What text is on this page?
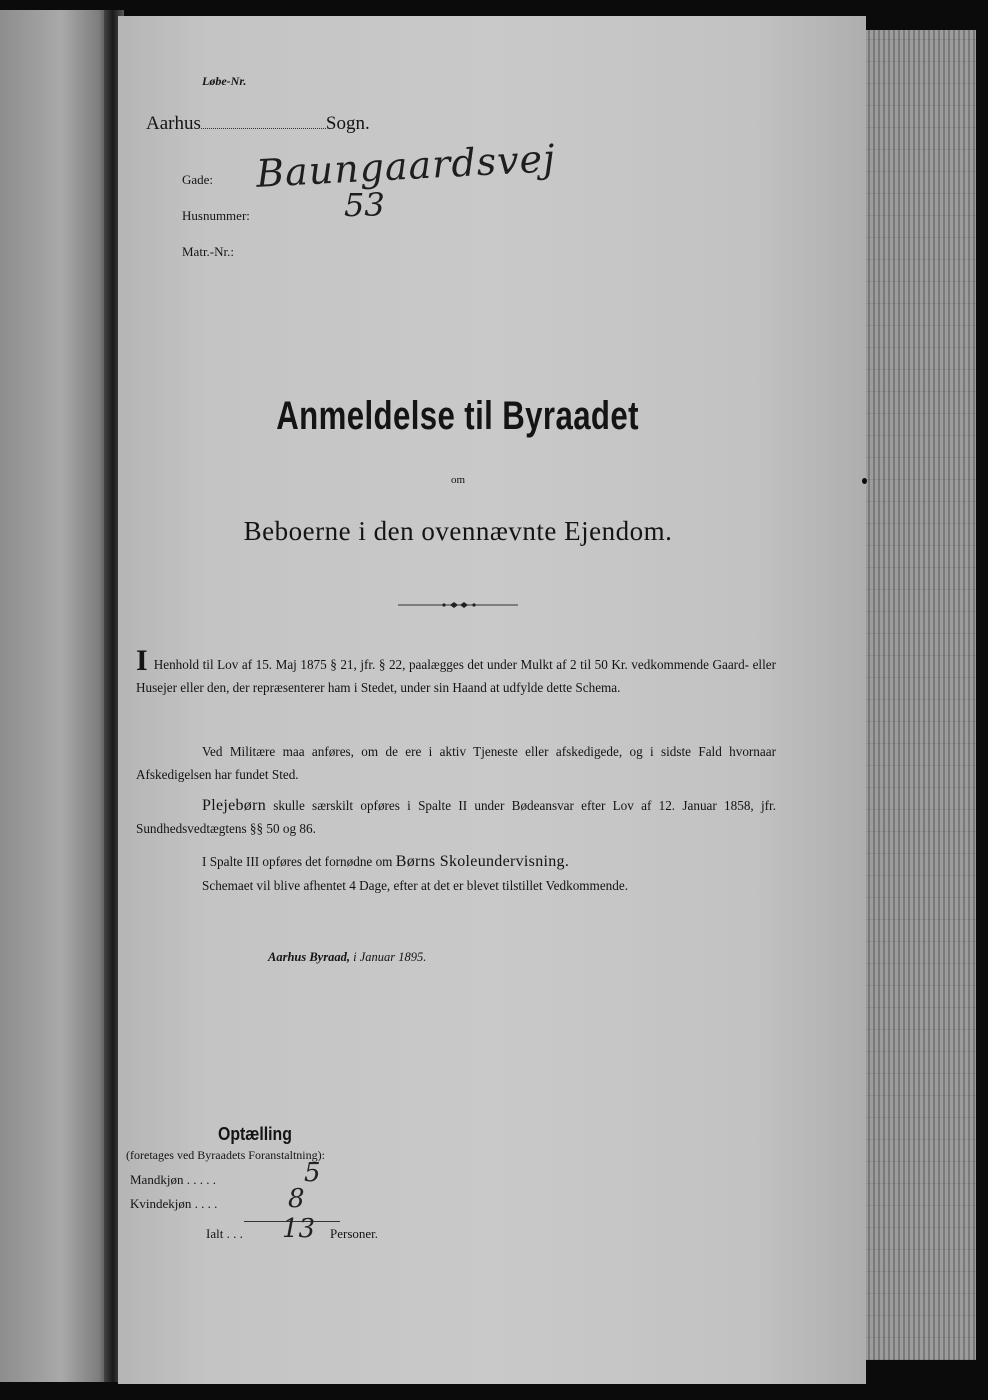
Løbe-Nr.

Aarhus	Sogn.

Gade: Baungaardsvej

Husnummer:	53

Matr.-Nr.:

Anmeldelse til Byraadet

om

Beboerne i den ovennævnte Ejendom.

I Henhold til Lov af 15. Maj 1875 § 21, jfr. § 22, paalægges det under Mulkt af 2 til 50 Kr. vedkommende Gaard- eller Husejer eller den, der repræsenterer ham i Stedet, under sin Haand at udfylde dette Schema.

Ved Militære maa anføres, om de ere i aktiv Tjeneste eller afskedigede, og i sidste Fald hvornaar Afskedigelsen har fundet Sted.

Plejebørn skulle særskilt opføres i Spalte II under Bødeansvar efter Lov af 12. Januar 1858, jfr. Sundhedsvedtægtens §§ 50 og 86.

I Spalte III opføres det fornødne om Børns Skoleundervisning.

Schemaet vil blive afhentet 4 Dage, efter at det er blevet tilstillet Vedkommende.

Aarhus Byraad, i Januar 1895.

Optælling

(foretages ved Byraadets Foranstaltning):

Mandkjøn . . . . .	5

Kvindekjøn . . . .	8

Ialt . . . 13 Personer.
